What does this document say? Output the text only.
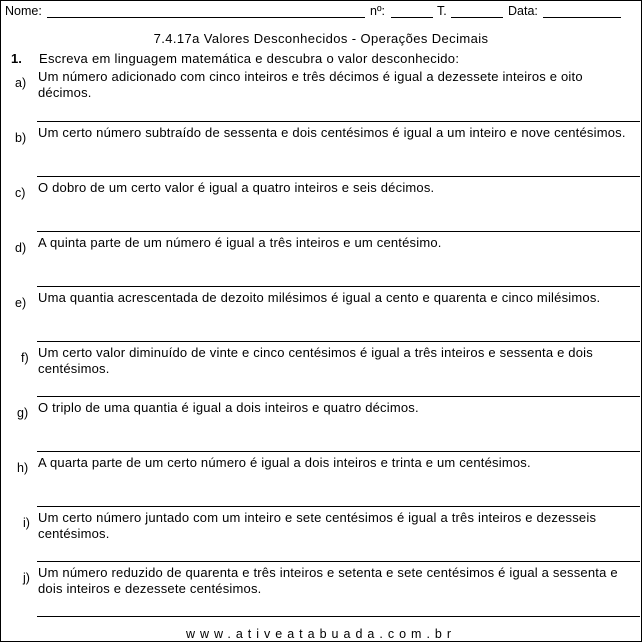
Nome:	nº:	T.	Data:
7.4.17a Valores Desconhecidos - Operações Decimais
1. Escreva em linguagem matemática e descubra o valor desconhecido:
a) Um número adicionado com cinco inteiros e três décimos é igual a dezessete inteiros e oito décimos.
b) Um certo número subtraído de sessenta e dois centésimos é igual a um inteiro e nove centésimos.
c) O dobro de um certo valor é igual a quatro inteiros e seis décimos.
d) A quinta parte de um número é igual a três inteiros e um centésimo.
e) Uma quantia acrescentada de dezoito milésimos é igual a cento e quarenta e cinco milésimos.
f) Um certo valor diminuído de vinte e cinco centésimos é igual a três inteiros e sessenta e dois centésimos.
g) O triplo de uma quantia é igual a dois inteiros e quatro décimos.
h) A quarta parte de um certo número é igual a dois inteiros e trinta e um centésimos.
i) Um certo número juntado com um inteiro e sete centésimos é igual a três inteiros e dezesseis centésimos.
j) Um número reduzido de quarenta e três inteiros e setenta e sete centésimos é igual a sessenta e dois inteiros e dezessete centésimos.
www.ativeatabuada.com.br
